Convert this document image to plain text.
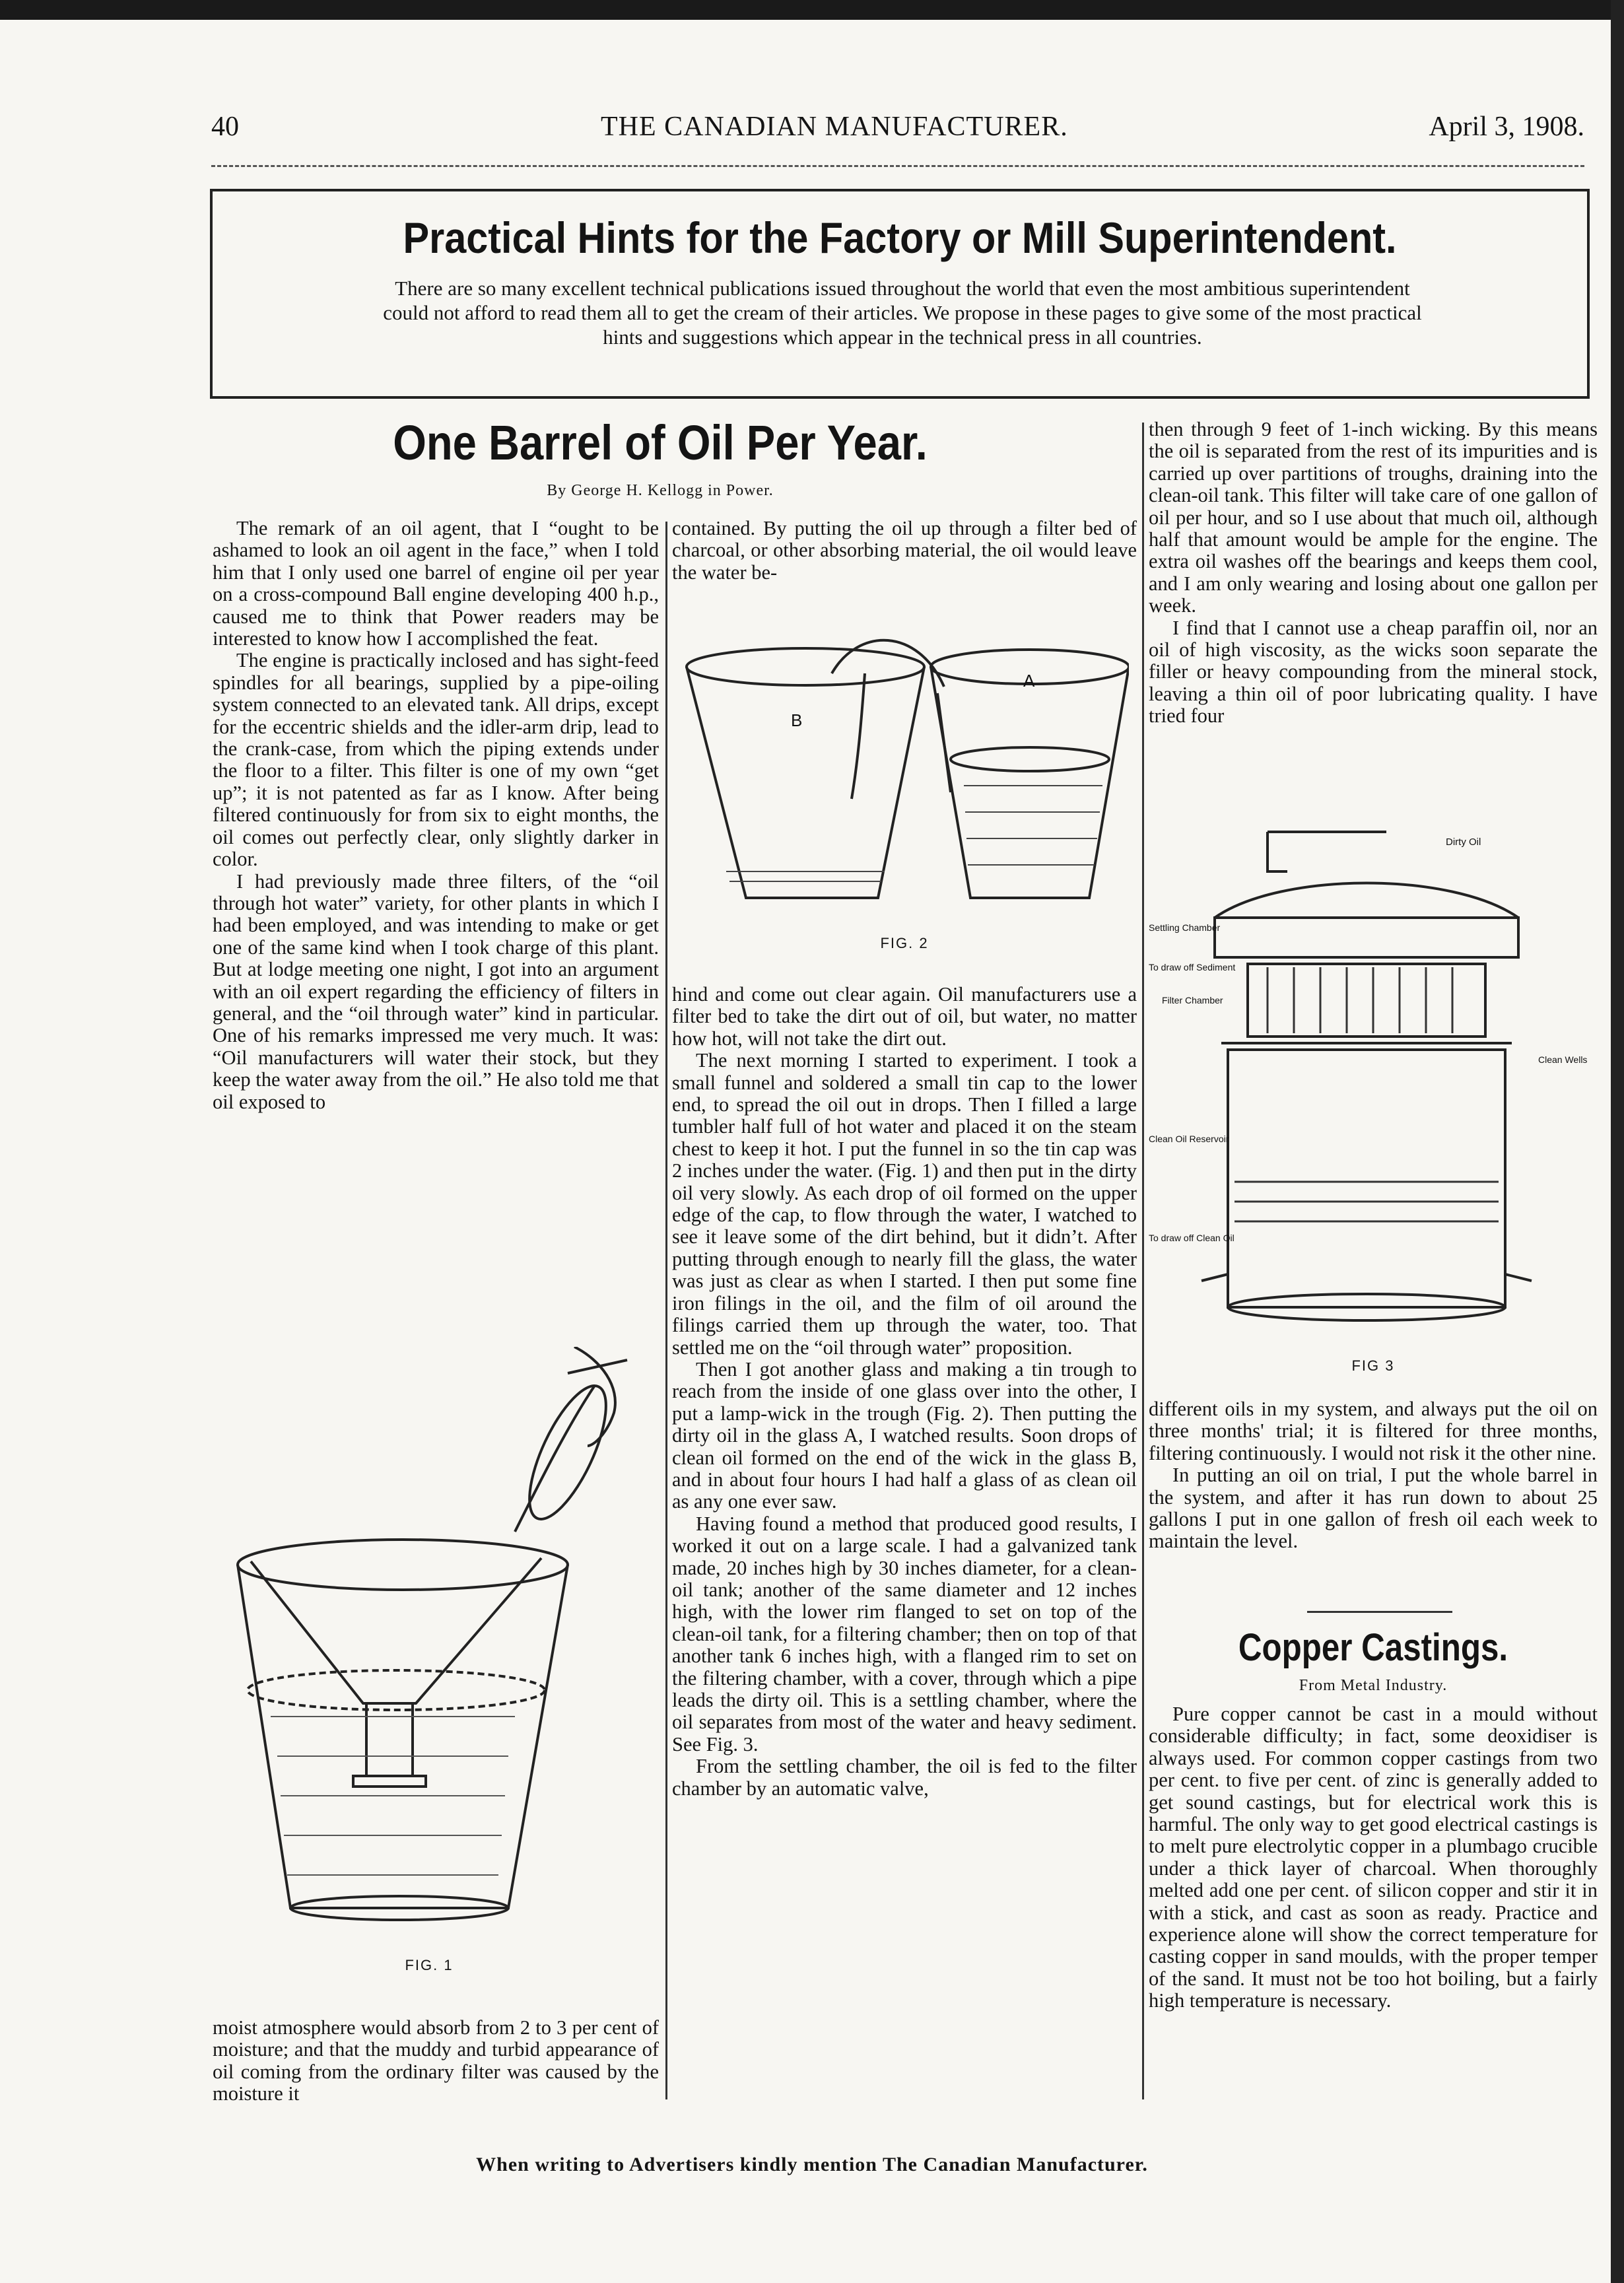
40	THE CANADIAN MANUFACTURER.	April 3, 1908.
Practical Hints for the Factory or Mill Superintendent.
There are so many excellent technical publications issued throughout the world that even the most ambitious superintendent could not afford to read them all to get the cream of their articles. We propose in these pages to give some of the most practical hints and suggestions which appear in the technical press in all countries.
One Barrel of Oil Per Year.
By George H. Kellogg in Power.

The remark of an oil agent, that I “ought to be ashamed to look an oil agent in the face,” when I told him that I only used one barrel of engine oil per year on a cross-compound Ball engine developing 400 h.p., caused me to think that Power readers may be interested to know how I accomplished the feat.

The engine is practically inclosed and has sight-feed spindles for all bearings, supplied by a pipe-oiling system connected to an elevated tank. All drips, except for the eccentric shields and the idler-arm drip, lead to the crank-case, from which the piping extends under the floor to a filter. This filter is one of my own “get up”; it is not patented as far as I know. After being filtered continuously for from six to eight months, the oil comes out perfectly clear, only slightly darker in color.

I had previously made three filters, of the “oil through hot water” variety, for other plants in which I had been employed, and was intending to make or get one of the same kind when I took charge of this plant. But at lodge meeting one night, I got into an argument with an oil expert regarding the efficiency of filters in general, and the “oil through water” kind in particular. One of his remarks impressed me very much. It was: “Oil manufacturers will water their stock, but they keep the water away from the oil.” He also told me that oil exposed to

FIG. 1

moist atmosphere would absorb from 2 to 3 per cent of moisture; and that the muddy and turbid appearance of oil coming from the ordinary filter was caused by the moisture it

contained. By putting the oil up through a filter bed of charcoal, or other absorbing material, the oil would leave the water be-

B
A
FIG. 2

hind and come out clear again. Oil manufacturers use a filter bed to take the dirt out of oil, but water, no matter how hot, will not take the dirt out.

The next morning I started to experiment. I took a small funnel and soldered a small tin cap to the lower end, to spread the oil out in drops. Then I filled a large tumbler half full of hot water and placed it on the steam chest to keep it hot. I put the funnel in so the tin cap was 2 inches under the water. (Fig. 1) and then put in the dirty oil very slowly. As each drop of oil formed on the upper edge of the cap, to flow through the water, I watched to see it leave some of the dirt behind, but it didn’t. After putting through enough to nearly fill the glass, the water was just as clear as when I started. I then put some fine iron filings in the oil, and the film of oil around the filings carried them up through the water, too. That settled me on the “oil through water” proposition.

Then I got another glass and making a tin trough to reach from the inside of one glass over into the other, I put a lamp-wick in the trough (Fig. 2). Then putting the dirty oil in the glass A, I watched results. Soon drops of clean oil formed on the end of the wick in the glass B, and in about four hours I had half a glass of as clean oil as any one ever saw.

Having found a method that produced good results, I worked it out on a large scale. I had a galvanized tank made, 20 inches high by 30 inches diameter, for a clean-oil tank; another of the same diameter and 12 inches high, with the lower rim flanged to set on top of the clean-oil tank, for a filtering chamber; then on top of that another tank 6 inches high, with a flanged rim to set on the filtering chamber, with a cover, through which a pipe leads the dirty oil. This is a settling chamber, where the oil separates from most of the water and heavy sediment. See Fig. 3.

From the settling chamber, the oil is fed to the filter chamber by an automatic valve,

then through 9 feet of 1-inch wicking. By this means the oil is separated from the rest of its impurities and is carried up over partitions of troughs, draining into the clean-oil tank. This filter will take care of one gallon of oil per hour, and so I use about that much oil, although half that amount would be ample for the engine. The extra oil washes off the bearings and keeps them cool, and I am only wearing and losing about one gallon per week.

I find that I cannot use a cheap paraffin oil, nor an oil of high viscosity, as the wicks soon separate the filler or heavy compounding from the mineral stock, leaving a thin oil of poor lubricating quality. I have tried four

Dirty Oil
Settling Chamber
To draw off Sediment
Filter Chamber
Clean Wells
Clean Oil Reservoir
To draw off Clean Oil
FIG 3

different oils in my system, and always put the oil on three months' trial; it is filtered for three months, filtering continuously. I would not risk it the other nine.

In putting an oil on trial, I put the whole barrel in the system, and after it has run down to about 25 gallons I put in one gallon of fresh oil each week to maintain the level.

Copper Castings.
From Metal Industry.

Pure copper cannot be cast in a mould without considerable difficulty; in fact, some deoxidiser is always used. For common copper castings from two per cent. to five per cent. of zinc is generally added to get sound castings, but for electrical work this is harmful. The only way to get good electrical castings is to melt pure electrolytic copper in a plumbago crucible under a thick layer of charcoal. When thoroughly melted add one per cent. of silicon copper and stir it in with a stick, and cast as soon as ready. Practice and experience alone will show the correct temperature for casting copper in sand moulds, with the proper temper of the sand. It must not be too hot boiling, but a fairly high temperature is necessary.

When writing to Advertisers kindly mention The Canadian Manufacturer.
